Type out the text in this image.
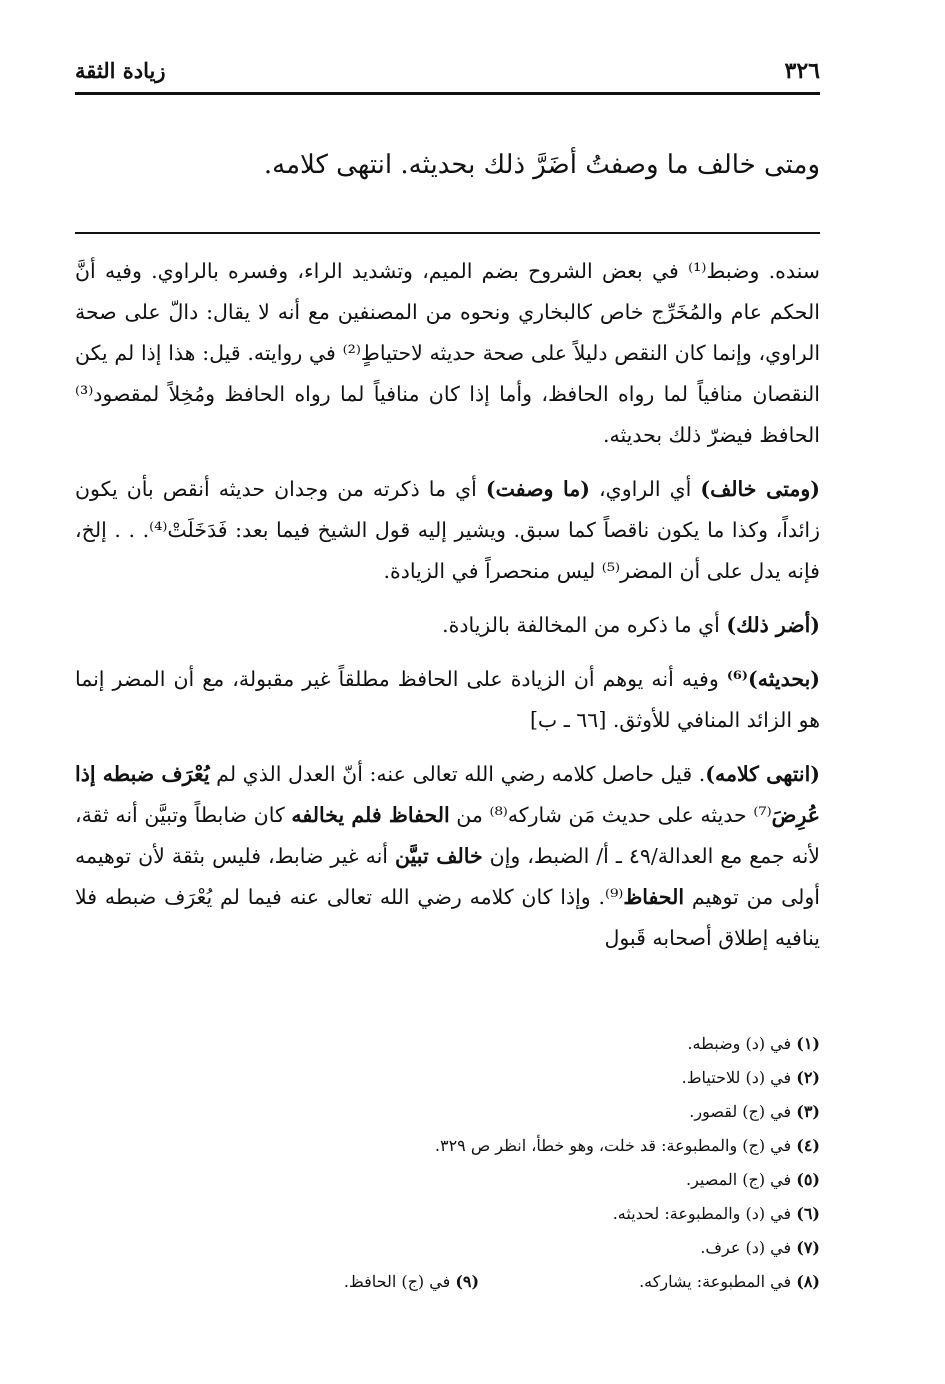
٣٢٦
زيادة الثقة
ومتى خالف ما وصفتُ أضَرَّ ذلك بحديثه. انتهى كلامه.

سنده. وضبط⁽¹⁾ في بعض الشروح بضم الميم، وتشديد الراء، وفسره بالراوي. وفيه أنَّ الحكم عام والمُخَرِّج خاص كالبخاري ونحوه من المصنفين مع أنه لا يقال: دالّ على صحة الراوي، وإنما كان النقص دليلاً على صحة حديثه لاحتياطٍ⁽²⁾ في روايته. قيل: هذا إذا لم يكن النقصان منافياً لما رواه الحافظ، وأما إذا كان منافياً لما رواه الحافظ ومُخِلاً لمقصود⁽³⁾ الحافظ فيضرّ ذلك بحديثه.

(ومتى خالف) أي الراوي، (ما وصفت) أي ما ذكرته من وجدان حديثه أنقص بأن يكون زائداً، وكذا ما يكون ناقصاً كما سبق. ويشير إليه قول الشيخ فيما بعد: فَدَخَلَتْ⁽⁴⁾. . . إلخ، فإنه يدل على أن المضر⁽⁵⁾ ليس منحصراً في الزيادة.

(أضر ذلك) أي ما ذكره من المخالفة بالزيادة.

(بحديثه)⁽⁶⁾ وفيه أنه يوهم أن الزيادة على الحافظ مطلقاً غير مقبولة، مع أن المضر إنما هو الزائد المنافي للأوثق. [٦٦ ـ ب]

(انتهى كلامه). قيل حاصل كلامه رضي الله تعالى عنه: أنّ العدل الذي لم يُعْرَف ضبطه إذا عُرِضَ⁽⁷⁾ حديثه على حديث مَن شاركه⁽⁸⁾ من الحفاظ فلم يخالفه كان ضابطاً وتبيَّن أنه ثقة، لأنه جمع مع العدالة/٤٩ ـ أ/ الضبط، وإن خالف تبيَّن أنه غير ضابط، فليس بثقة لأن توهيمه أولى من توهيم الحفاظ⁽⁹⁾. وإذا كان كلامه رضي الله تعالى عنه فيما لم يُعْرَف ضبطه فلا ينافيه إطلاق أصحابه قَبول

(١) في (د) وضبطه.
(٢) في (د) للاحتياط.
(٣) في (ج) لقصور.
(٤) في (ج) والمطبوعة: قد خلت، وهو خطأ، انظر ص ٣٢٩.
(٥) في (ج) المصير.
(٦) في (د) والمطبوعة: لحديثه.
(٧) في (د) عرف.
(٨) في المطبوعة: يشاركه.
(٩) في (ج) الحافظ.
